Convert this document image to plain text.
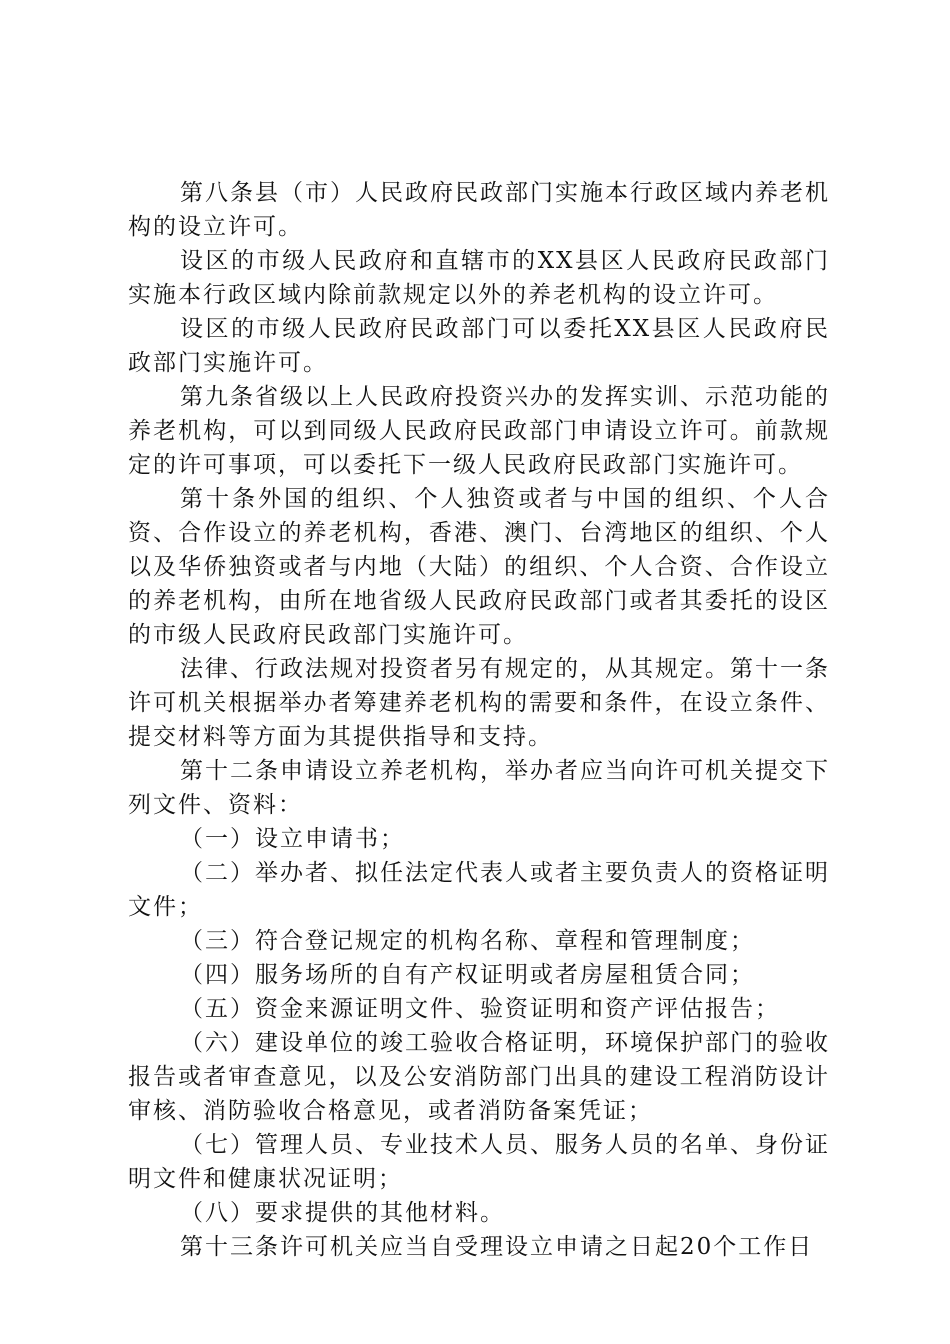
第八条县（市）人民政府民政部门实施本行政区域内养老机构的设立许可。

设区的市级人民政府和直辖市的XX县区人民政府民政部门实施本行政区域内除前款规定以外的养老机构的设立许可。

设区的市级人民政府民政部门可以委托XX县区人民政府民政部门实施许可。

第九条省级以上人民政府投资兴办的发挥实训、示范功能的养老机构，可以到同级人民政府民政部门申请设立许可。前款规定的许可事项，可以委托下一级人民政府民政部门实施许可。

第十条外国的组织、个人独资或者与中国的组织、个人合资、合作设立的养老机构，香港、澳门、台湾地区的组织、个人以及华侨独资或者与内地（大陆）的组织、个人合资、合作设立的养老机构，由所在地省级人民政府民政部门或者其委托的设区的市级人民政府民政部门实施许可。

法律、行政法规对投资者另有规定的，从其规定。第十一条许可机关根据举办者筹建养老机构的需要和条件，在设立条件、提交材料等方面为其提供指导和支持。

第十二条申请设立养老机构，举办者应当向许可机关提交下列文件、资料：

（一）设立申请书；

（二）举办者、拟任法定代表人或者主要负责人的资格证明文件；

（三）符合登记规定的机构名称、章程和管理制度；

（四）服务场所的自有产权证明或者房屋租赁合同；

（五）资金来源证明文件、验资证明和资产评估报告；

（六）建设单位的竣工验收合格证明，环境保护部门的验收报告或者审查意见，以及公安消防部门出具的建设工程消防设计审核、消防验收合格意见，或者消防备案凭证；

（七）管理人员、专业技术人员、服务人员的名单、身份证明文件和健康状况证明；

（八）要求提供的其他材料。

第十三条许可机关应当自受理设立申请之日起20个工作日
